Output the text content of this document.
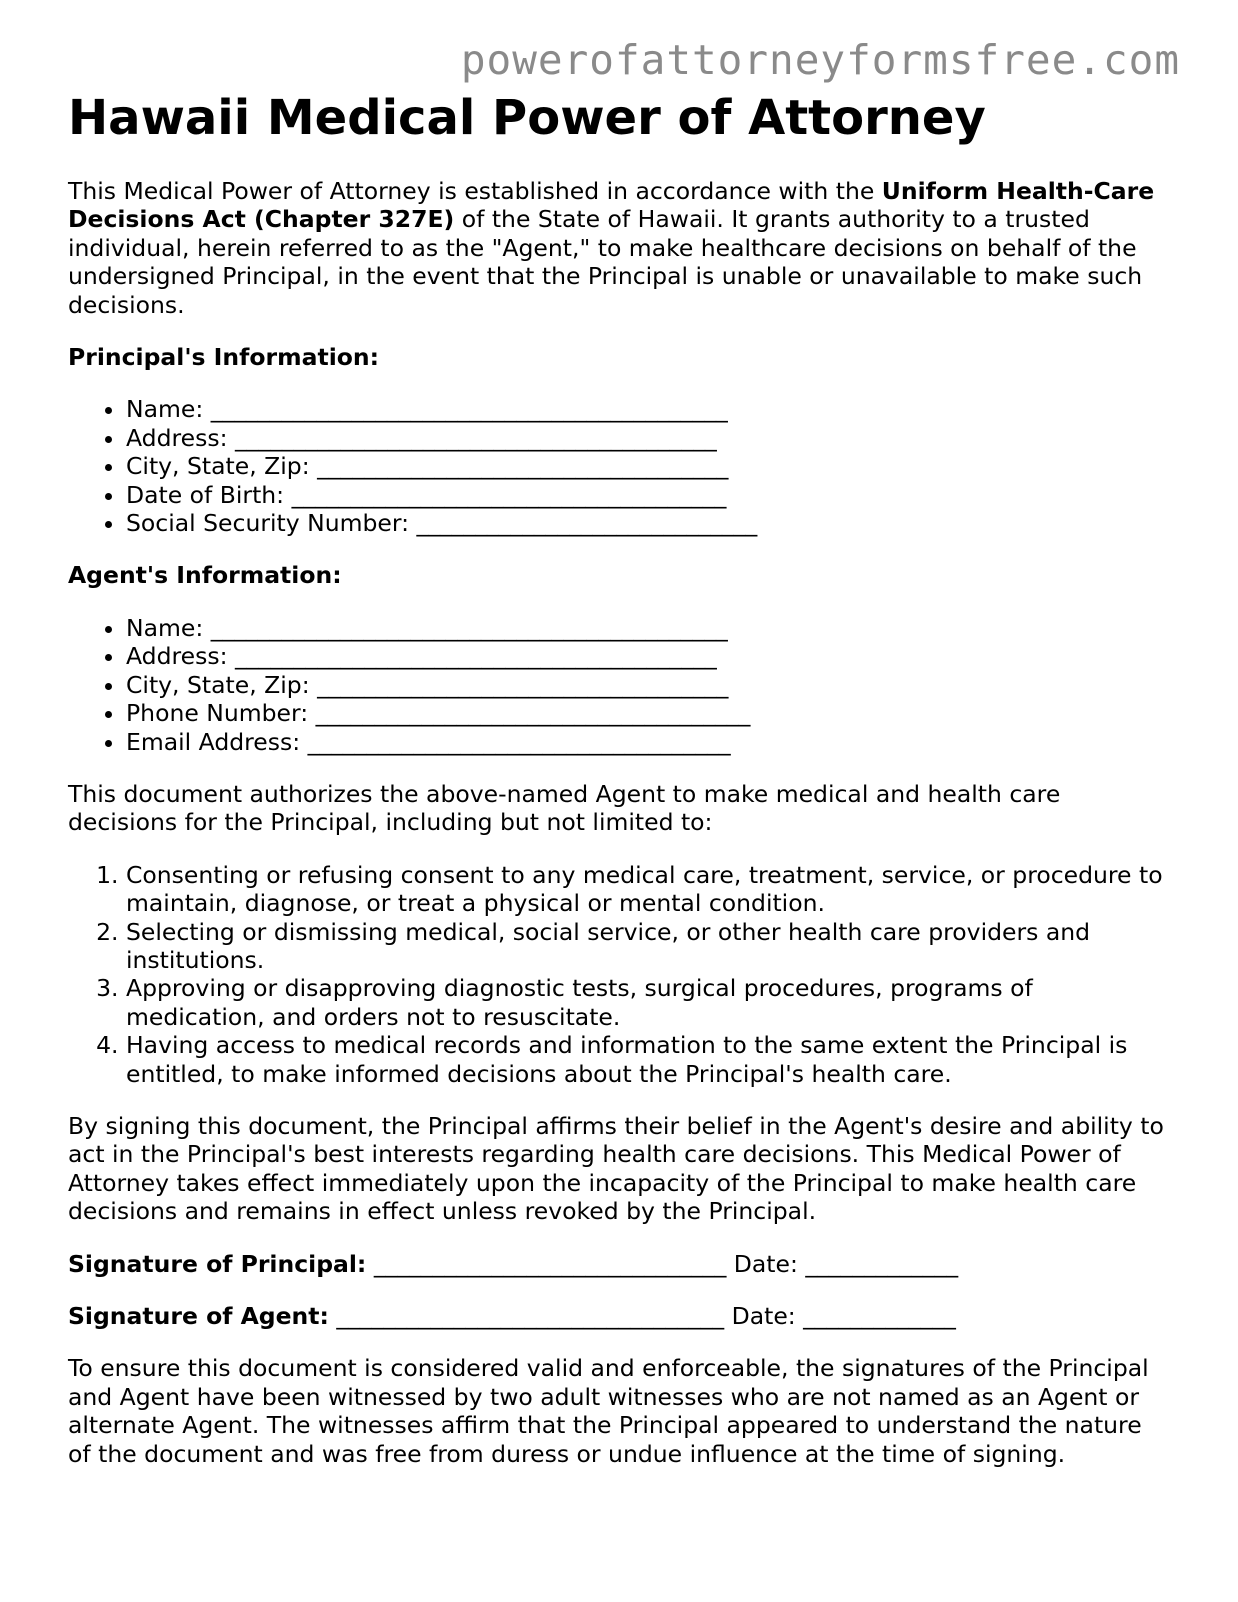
powerofattorneyformsfree.com
Hawaii Medical Power of Attorney

This Medical Power of Attorney is established in accordance with the Uniform Health-Care Decisions Act (Chapter 327E) of the State of Hawaii. It grants authority to a trusted individual, herein referred to as the "Agent," to make healthcare decisions on behalf of the undersigned Principal, in the event that the Principal is unable or unavailable to make such decisions.

Principal's Information:
• Name: ____________________________________________
• Address: _________________________________________
• City, State, Zip: ___________________________________
• Date of Birth: _____________________________________
• Social Security Number: _____________________________
Agent's Information:
• Name: ____________________________________________
• Address: _________________________________________
• City, State, Zip: ___________________________________
• Phone Number: _____________________________________
• Email Address: ____________________________________

This document authorizes the above-named Agent to make medical and health care decisions for the Principal, including but not limited to:

1. Consenting or refusing consent to any medical care, treatment, service, or procedure to maintain, diagnose, or treat a physical or mental condition.
2. Selecting or dismissing medical, social service, or other health care providers and institutions.
3. Approving or disapproving diagnostic tests, surgical procedures, programs of medication, and orders not to resuscitate.
4. Having access to medical records and information to the same extent the Principal is entitled, to make informed decisions about the Principal's health care.

By signing this document, the Principal affirms their belief in the Agent's desire and ability to act in the Principal's best interests regarding health care decisions. This Medical Power of Attorney takes effect immediately upon the incapacity of the Principal to make health care decisions and remains in effect unless revoked by the Principal.

Signature of Principal: ______________________________ Date: _____________
Signature of Agent: _________________________________ Date: _____________

To ensure this document is considered valid and enforceable, the signatures of the Principal and Agent have been witnessed by two adult witnesses who are not named as an Agent or alternate Agent. The witnesses affirm that the Principal appeared to understand the nature of the document and was free from duress or undue influence at the time of signing.
